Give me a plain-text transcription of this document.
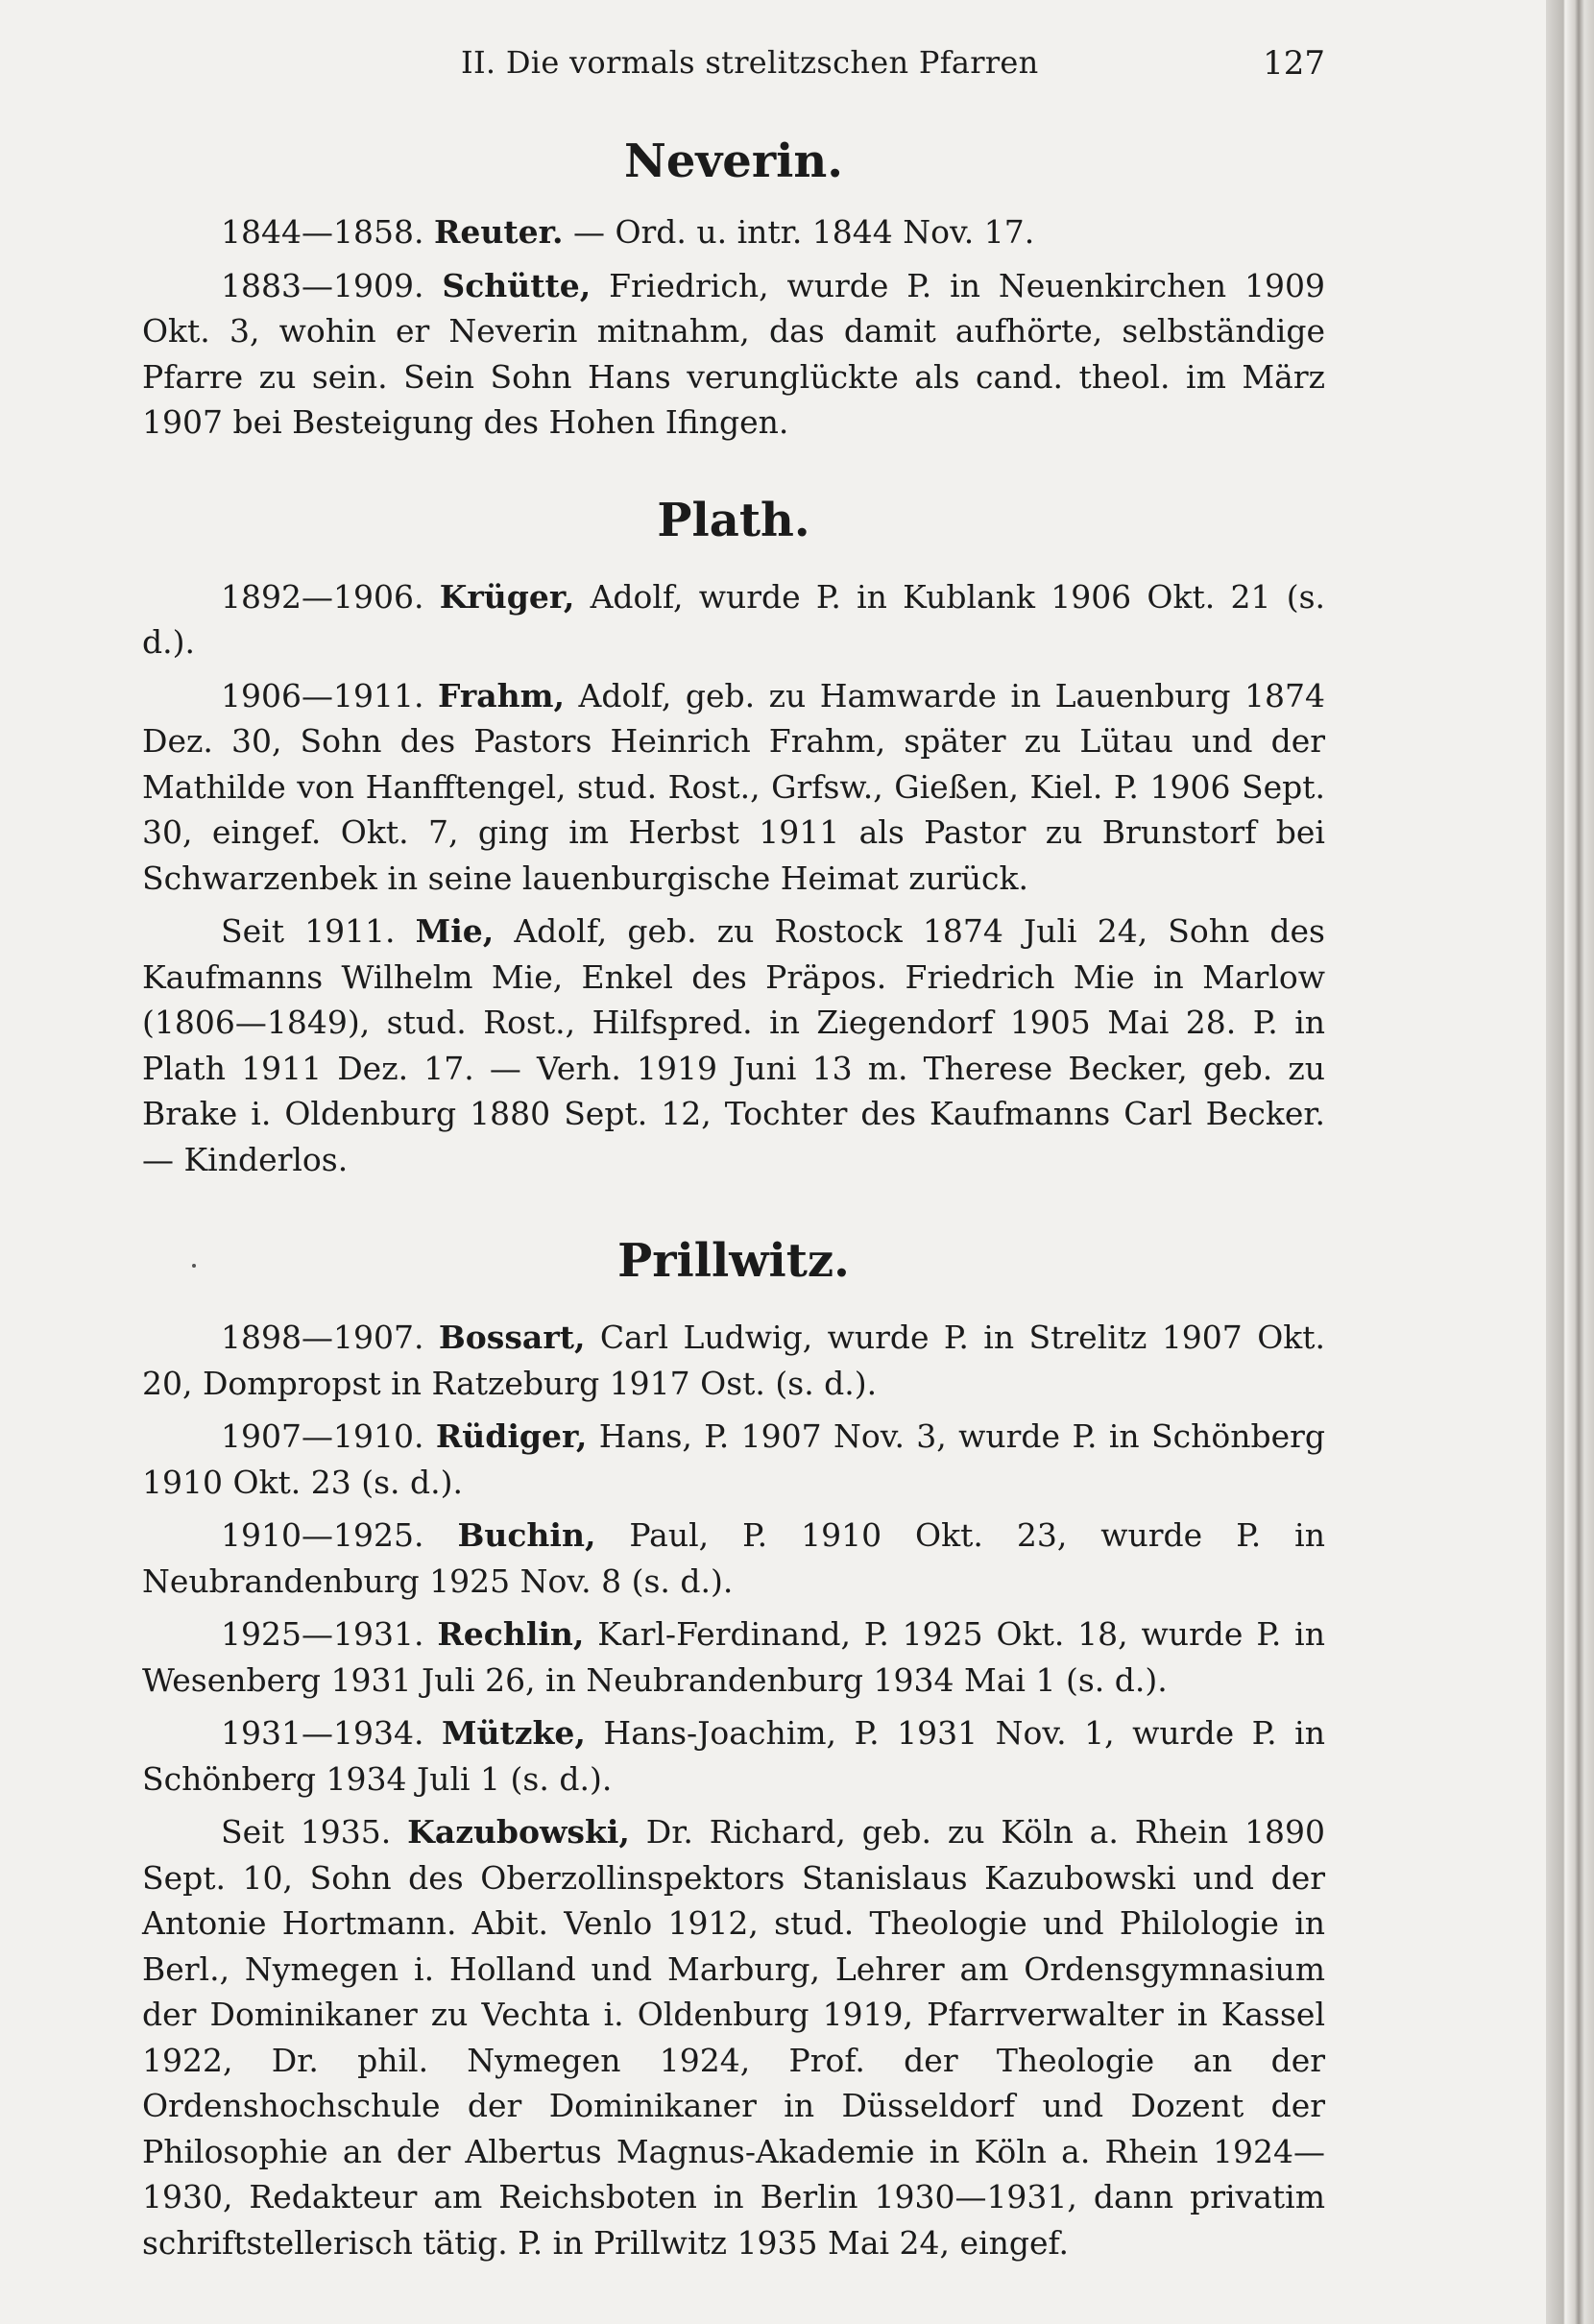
II. Die vormals strelitzschen Pfarren	127
Neverin.

1844—1858. Reuter. — Ord. u. intr. 1844 Nov. 17.

1883—1909. Schütte, Friedrich, wurde P. in Neuenkirchen 1909 Okt. 3, wohin er Neverin mitnahm, das damit aufhörte, selbständige Pfarre zu sein. Sein Sohn Hans verunglückte als cand. theol. im März 1907 bei Besteigung des Hohen Ifingen.

Plath.

1892—1906. Krüger, Adolf, wurde P. in Kublank 1906 Okt. 21 (s. d.).

1906—1911. Frahm, Adolf, geb. zu Hamwarde in Lauenburg 1874 Dez. 30, Sohn des Pastors Heinrich Frahm, später zu Lütau und der Mathilde von Hanfftengel, stud. Rost., Grfsw., Gießen, Kiel. P. 1906 Sept. 30, eingef. Okt. 7, ging im Herbst 1911 als Pastor zu Brunstorf bei Schwarzenbek in seine lauenburgische Heimat zurück.

Seit 1911. Mie, Adolf, geb. zu Rostock 1874 Juli 24, Sohn des Kaufmanns Wilhelm Mie, Enkel des Präpos. Friedrich Mie in Marlow (1806—1849), stud. Rost., Hilfspred. in Ziegendorf 1905 Mai 28. P. in Plath 1911 Dez. 17. — Verh. 1919 Juni 13 m. Therese Becker, geb. zu Brake i. Oldenburg 1880 Sept. 12, Tochter des Kaufmanns Carl Becker. — Kinderlos.

Prillwitz.

1898—1907. Bossart, Carl Ludwig, wurde P. in Strelitz 1907 Okt. 20, Dompropst in Ratzeburg 1917 Ost. (s. d.).

1907—1910. Rüdiger, Hans, P. 1907 Nov. 3, wurde P. in Schönberg 1910 Okt. 23 (s. d.).

1910—1925. Buchin, Paul, P. 1910 Okt. 23, wurde P. in Neubrandenburg 1925 Nov. 8 (s. d.).

1925—1931. Rechlin, Karl-Ferdinand, P. 1925 Okt. 18, wurde P. in Wesenberg 1931 Juli 26, in Neubrandenburg 1934 Mai 1 (s. d.).

1931—1934. Mützke, Hans-Joachim, P. 1931 Nov. 1, wurde P. in Schönberg 1934 Juli 1 (s. d.).

Seit 1935. Kazubowski, Dr. Richard, geb. zu Köln a. Rhein 1890 Sept. 10, Sohn des Oberzollinspektors Stanislaus Kazubowski und der Antonie Hortmann. Abit. Venlo 1912, stud. Theologie und Philologie in Berl., Nymegen i. Holland und Marburg, Lehrer am Ordensgymnasium der Dominikaner zu Vechta i. Oldenburg 1919, Pfarrverwalter in Kassel 1922, Dr. phil. Nymegen 1924, Prof. der Theologie an der Ordenshochschule der Dominikaner in Düsseldorf und Dozent der Philosophie an der Albertus Magnus-Akademie in Köln a. Rhein 1924—1930, Redakteur am Reichsboten in Berlin 1930—1931, dann privatim schriftstellerisch tätig. P. in Prillwitz 1935 Mai 24, eingef.
